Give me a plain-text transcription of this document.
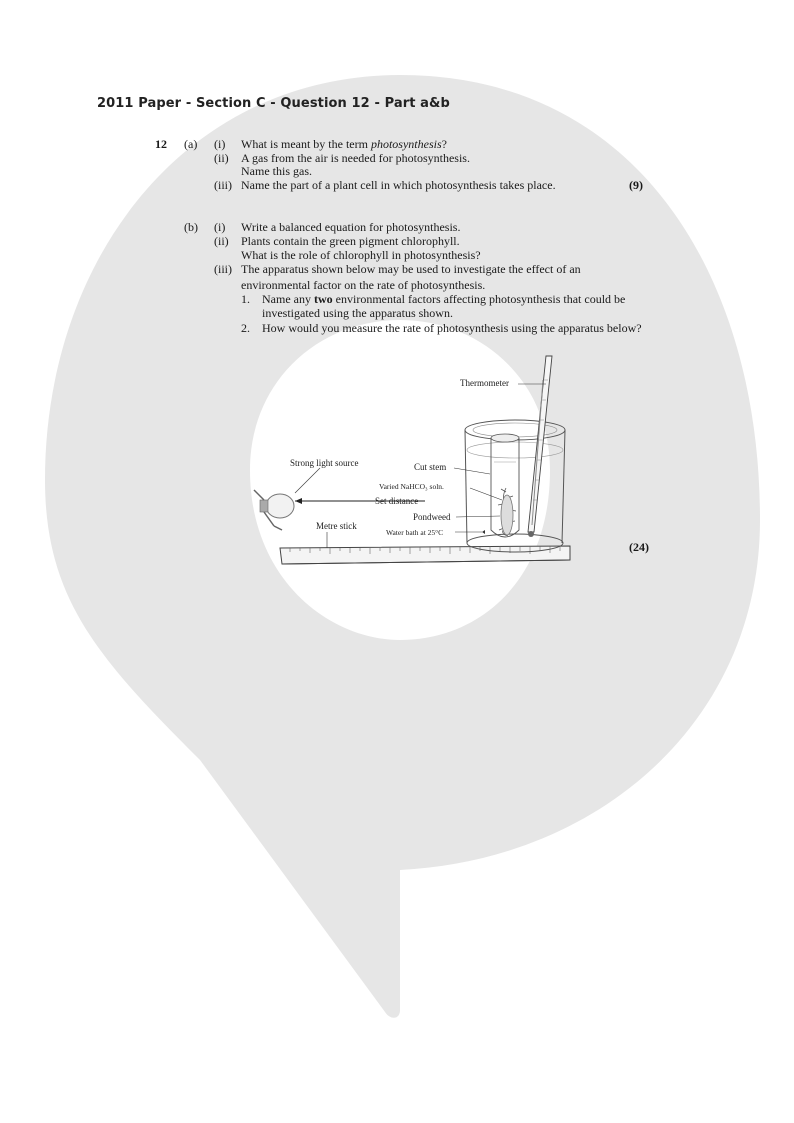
2011 Paper - Section C - Question 12 - Part a&b
12 (a) (i) What is meant by the term photosynthesis?
(ii) A gas from the air is needed for photosynthesis.
Name this gas.
(iii) Name the part of a plant cell in which photosynthesis takes place.	(9)
(b) (i) Write a balanced equation for photosynthesis.
(ii) Plants contain the green pigment chlorophyll.
What is the role of chlorophyll in photosynthesis?
(iii) The apparatus shown below may be used to investigate the effect of an
environmental factor on the rate of photosynthesis.
1. Name any two environmental factors affecting photosynthesis that could be
investigated using the apparatus shown.
2. How would you measure the rate of photosynthesis using the apparatus below?
(24)
Thermometer
Strong light source	Cut stem
Varied NaHCO₃ soln.
Set distance
Pondweed
Metre stick
Water bath at 25°C
